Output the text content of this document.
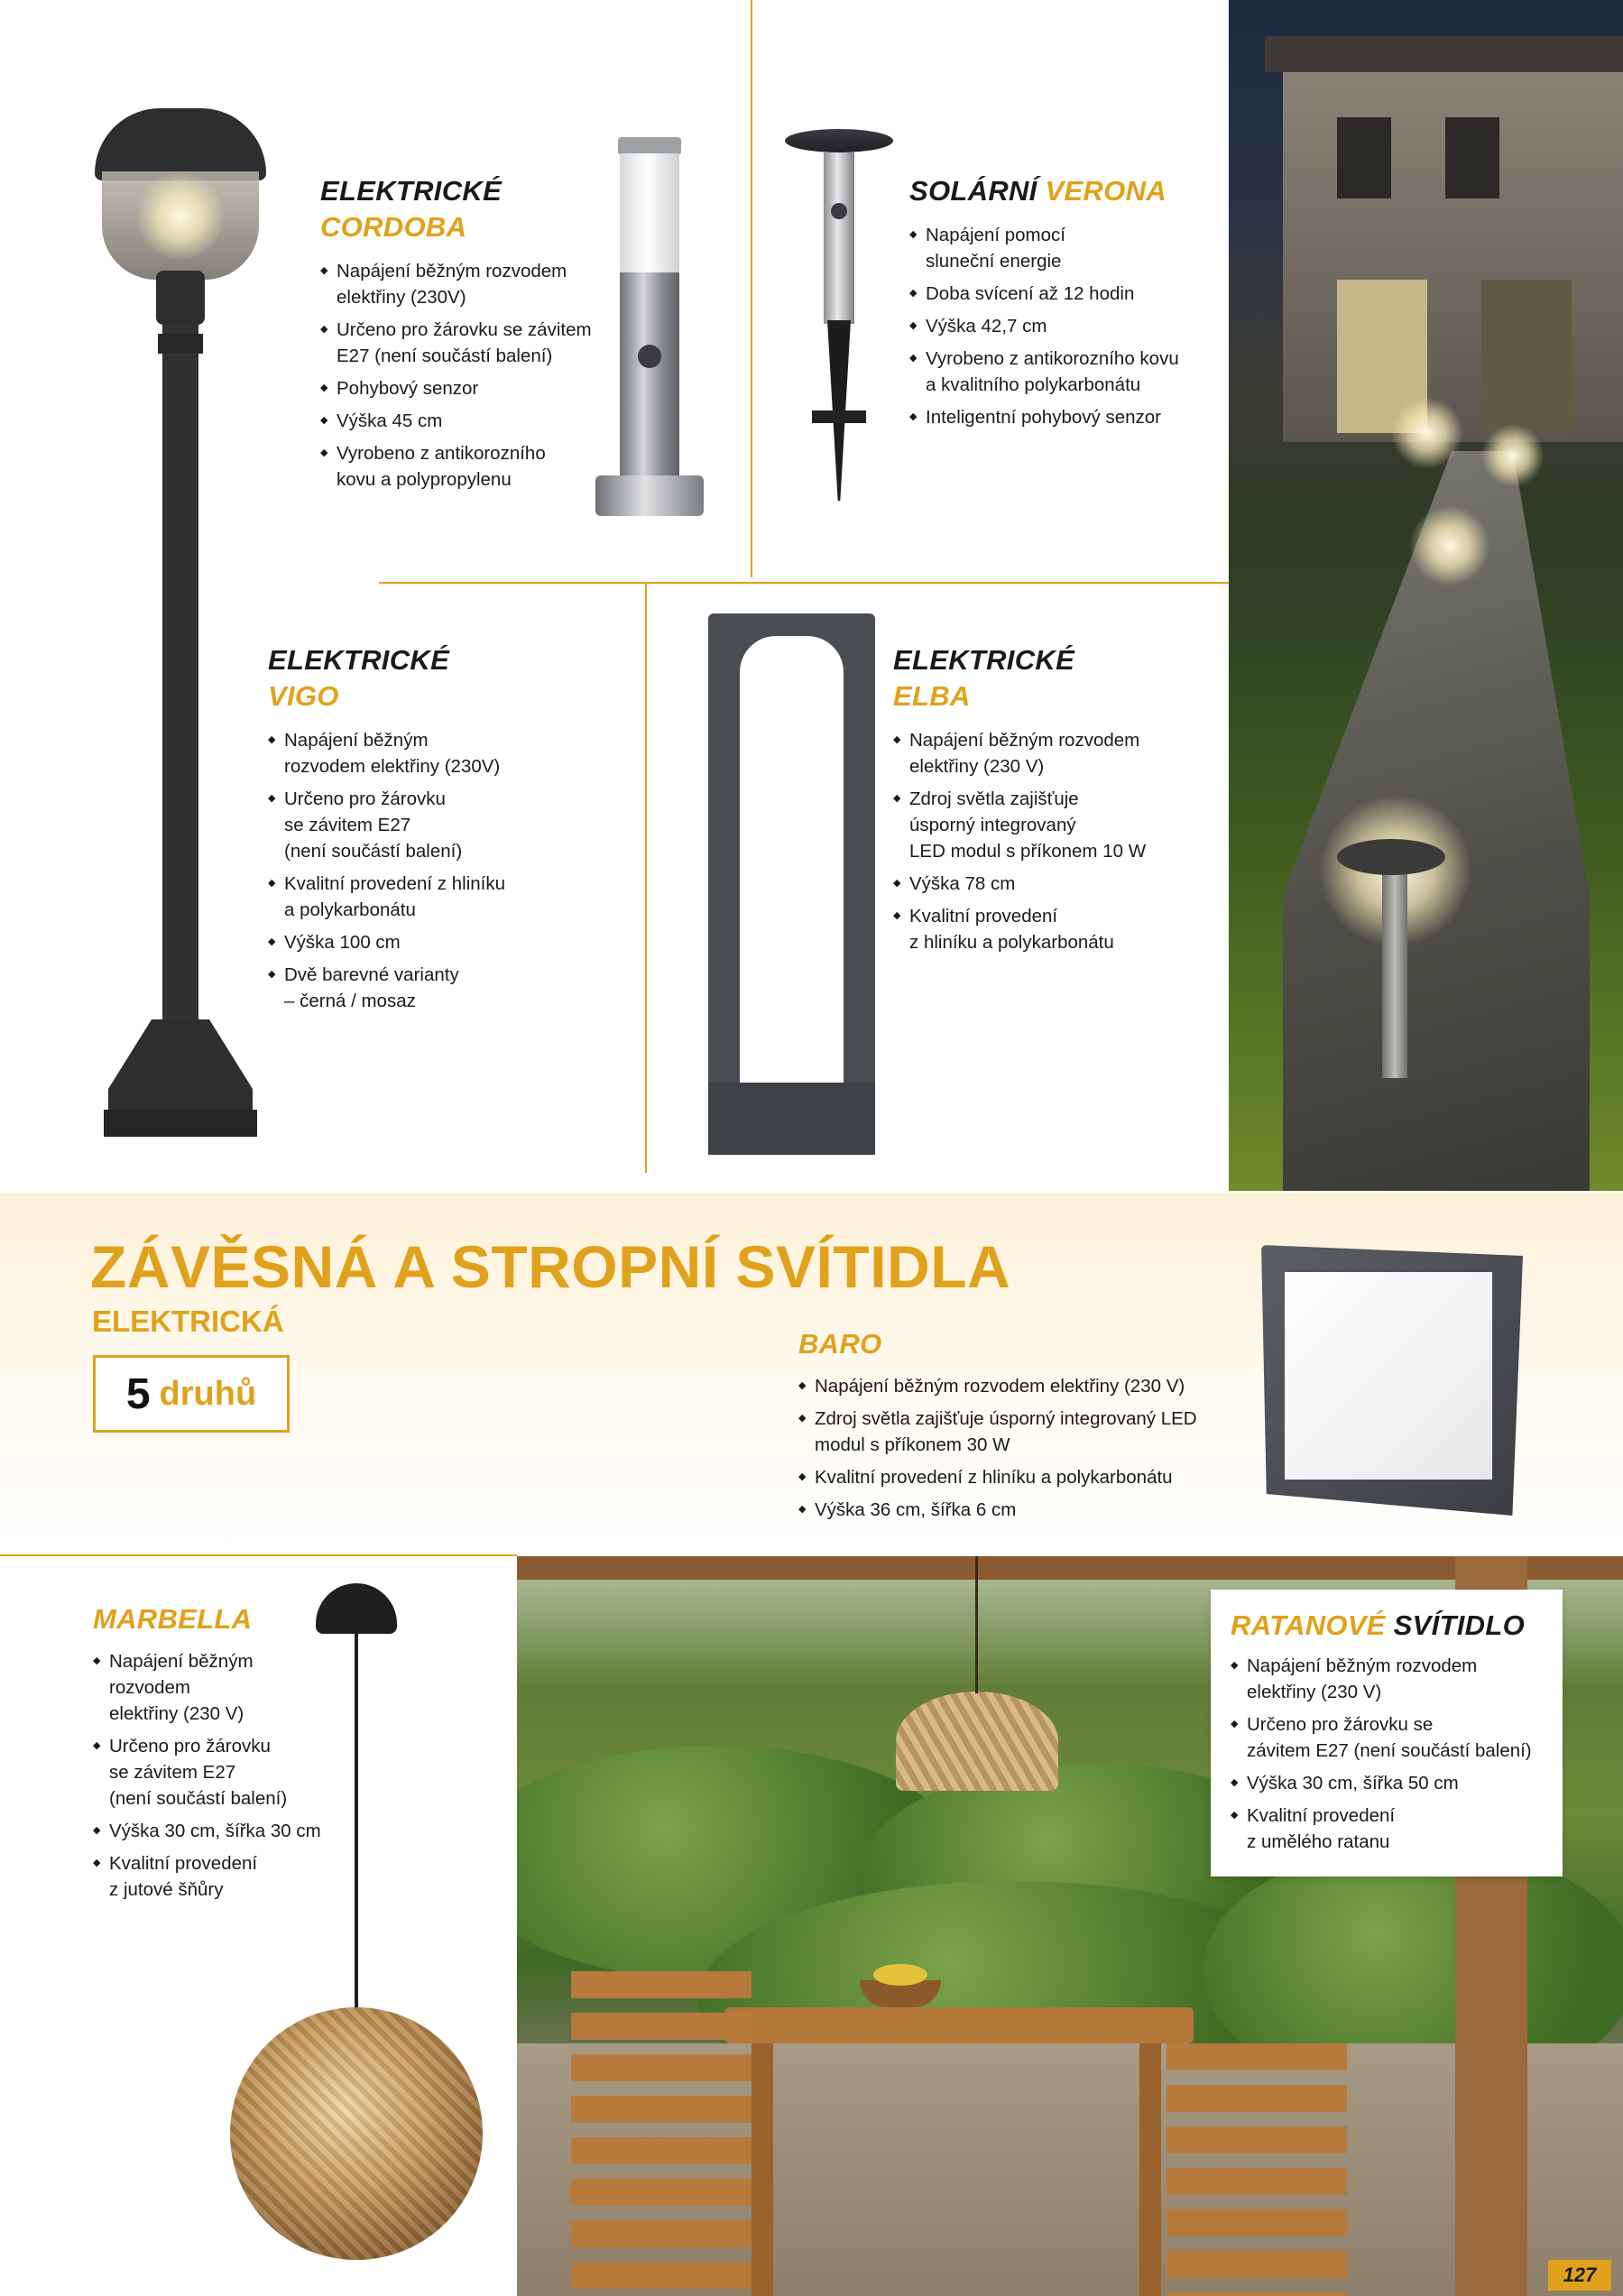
ELEKTRICKÉ
CORDOBA
◆ Napájení běžným rozvodem
elektřiny (230V)
◆ Určeno pro žárovku se závitem
E27 (není součástí balení)
◆ Pohybový senzor
◆ Výška 45 cm
◆ Vyrobeno z antikorozního
kovu a polypropylenu
SOLÁRNÍ VERONA
◆ Napájení pomocí
sluneční energie
◆ Doba svícení až 12 hodin
◆ Výška 42,7 cm
◆ Vyrobeno z antikorozního kovu
a kvalitního polykarbonátu
◆ Inteligentní pohybový senzor
ELEKTRICKÉ
VIGO
◆ Napájení běžným
rozvodem elektřiny (230V)
◆ Určeno pro žárovku
se závitem E27
(není součástí balení)
◆ Kvalitní provedení z hliníku
a polykarbonátu
◆ Výška 100 cm
◆ Dvě barevné varianty
– černá / mosaz
ELEKTRICKÉ
ELBA
◆ Napájení běžným rozvodem
elektřiny (230 V)
◆ Zdroj světla zajišťuje
úsporný integrovaný
LED modul s příkonem 10 W
◆ Výška 78 cm
◆ Kvalitní provedení
z hliníku a polykarbonátu
ZÁVĚSNÁ A STROPNÍ SVÍTIDLA
ELEKTRICKÁ
5 druhů
BARO
◆ Napájení běžným rozvodem elektřiny (230 V)
◆ Zdroj světla zajišťuje úsporný integrovaný LED
modul s příkonem 30 W
◆ Kvalitní provedení z hliníku a polykarbonátu
◆ Výška 36 cm, šířka 6 cm
MARBELLA
◆ Napájení běžným
rozvodem
elektřiny (230 V)
◆ Určeno pro žárovku
se závitem E27
(není součástí balení)
◆ Výška 30 cm, šířka 30 cm
◆ Kvalitní provedení
z jutové šňůry
RATANOVÉ SVÍTIDLO
◆ Napájení běžným rozvodem
elektřiny (230 V)
◆ Určeno pro žárovku se
závitem E27 (není součástí balení)
◆ Výška 30 cm, šířka 50 cm
◆ Kvalitní provedení
z umělého ratanu
127
